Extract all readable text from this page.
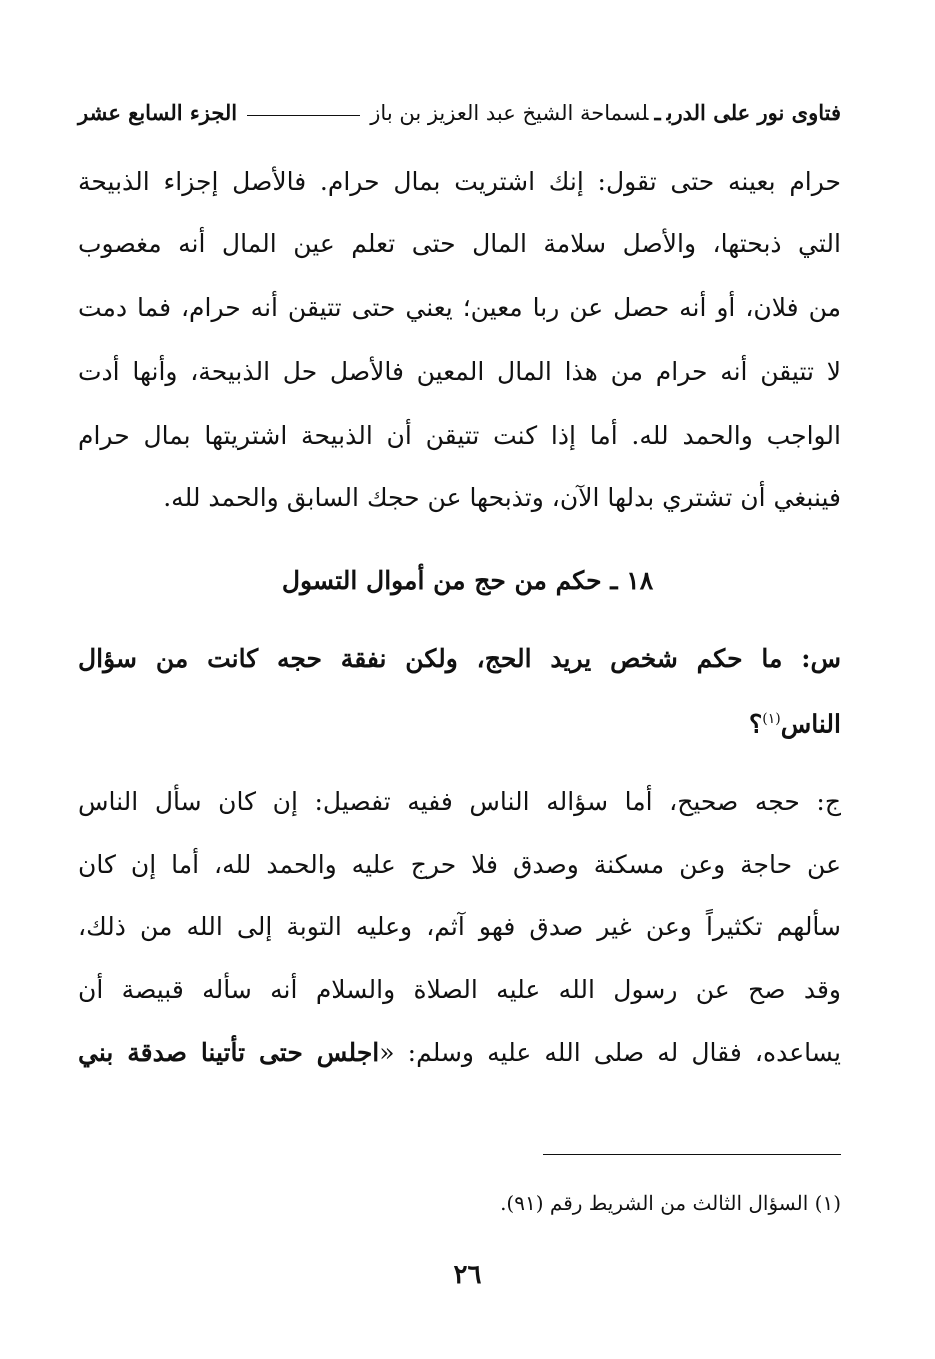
فتاوى نور على الدربـلسماحة الشيخ عبد العزيز بن باز
الجزء السابع عشر
حرام بعينه حتى تقول: إنك اشتريت بمال حرام. فالأصل إجزاء الذبيحة
التي ذبحتها، والأصل سلامة المال حتى تعلم عين المال أنه مغصوب
من فلان، أو أنه حصل عن ربا معين؛ يعني حتى تتيقن أنه حرام، فما دمت
لا تتيقن أنه حرام من هذا المال المعين فالأصل حل الذبيحة، وأنها أدت
الواجب والحمد لله. أما إذا كنت تتيقن أن الذبيحة اشتريتها بمال حرام
فينبغي أن تشتري بدلها الآن، وتذبحها عن حجك السابق والحمد لله.
١٨ ـ حكم من حج من أموال التسول
س: ما حكم شخص يريد الحج، ولكن نفقة حجه كانت من سؤال
الناس$^{(١)}$؟
ج: حجه صحيح، أما سؤاله الناس ففيه تفصيل: إن كان سأل الناس
عن حاجة وعن مسكنة وصدق فلا حرج عليه والحمد لله، أما إن كان
سألهم تكثيراً وعن غير صدق فهو آثم، وعليه التوبة إلى الله من ذلك،
وقد صح عن رسول الله عليه الصلاة والسلام أنه سأله قبيصة أن
يساعده، فقال له صلى الله عليه وسلم: «اجلس حتى تأتينا صدقة بني
(١) السؤال الثالث من الشريط رقم (٩١).
٢٦
